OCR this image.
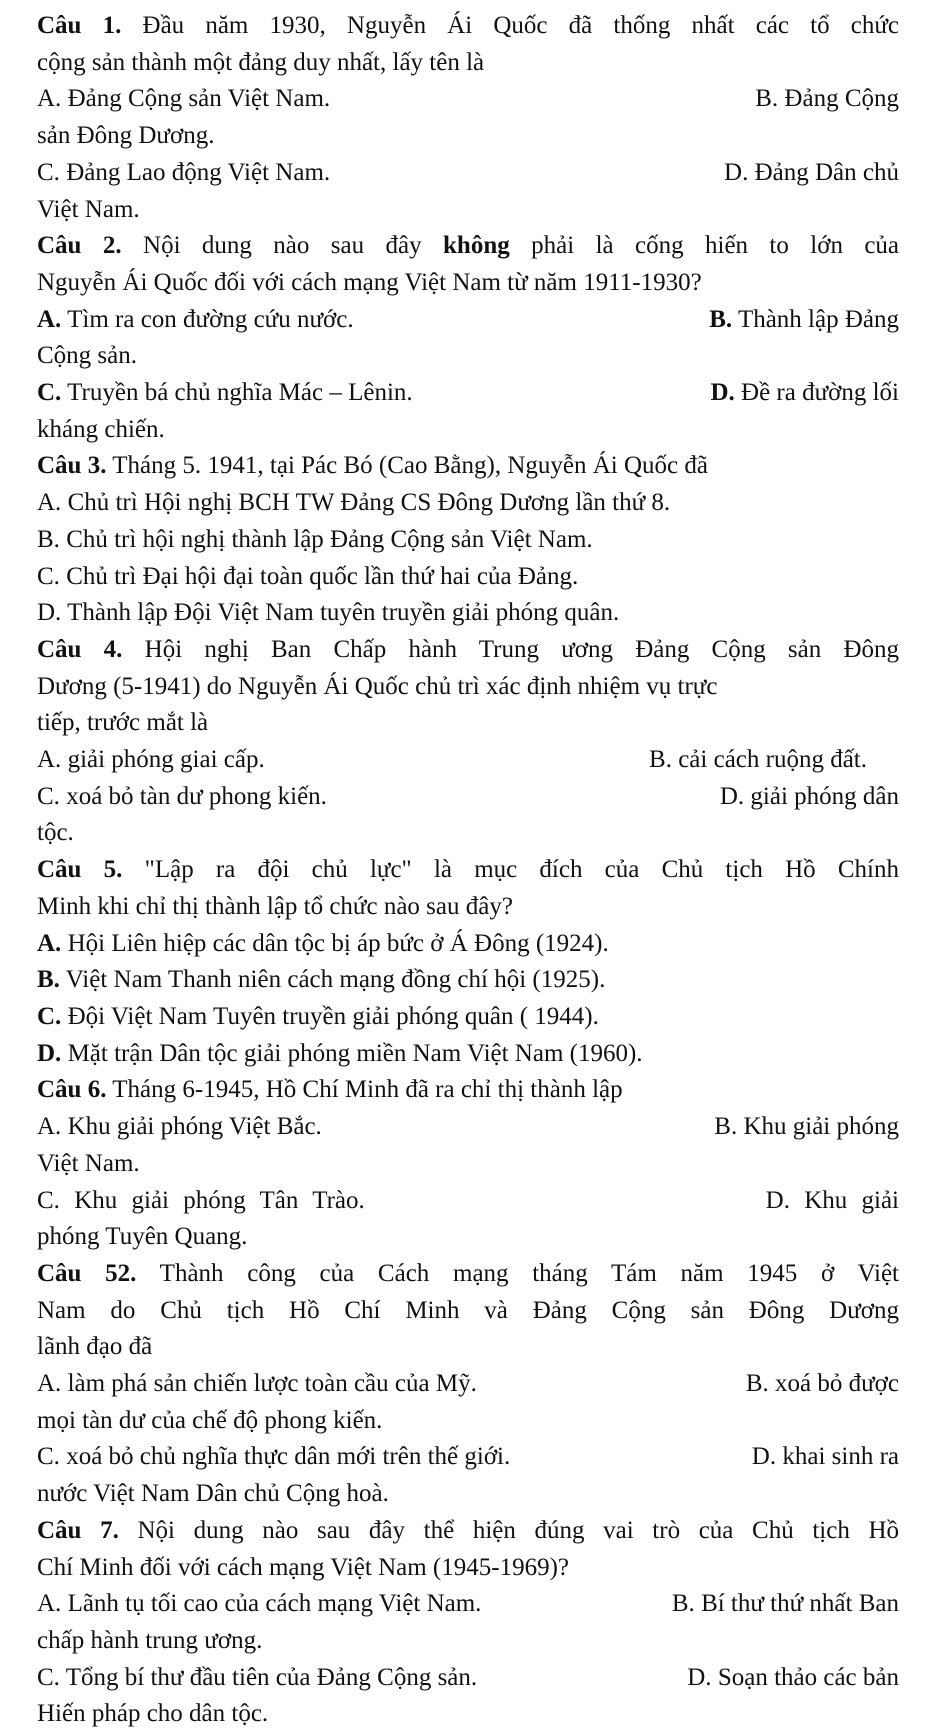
Câu 1. Đầu năm 1930, Nguyễn Ái Quốc đã thống nhất các tổ chức
cộng sản thành một đảng duy nhất, lấy tên là
A. Đảng Cộng sản Việt Nam.	B. Đảng Cộng
sản Đông Dương.
C. Đảng Lao động Việt Nam.	D. Đảng Dân chủ
Việt Nam.
Câu 2. Nội dung nào sau đây không phải là cống hiến to lớn của
Nguyễn Ái Quốc đối với cách mạng Việt Nam từ năm 1911-1930?
A. Tìm ra con đường cứu nước.	B. Thành lập Đảng
Cộng sản.
C. Truyền bá chủ nghĩa Mác – Lênin.	D. Đề ra đường lối
kháng chiến.
Câu 3. Tháng 5. 1941, tại Pác Bó (Cao Bằng), Nguyễn Ái Quốc đã
A. Chủ trì Hội nghị BCH TW Đảng CS Đông Dương lần thứ 8.
B. Chủ trì hội nghị thành lập Đảng Cộng sản Việt Nam.
C. Chủ trì Đại hội đại toàn quốc lần thứ hai của Đảng.
D. Thành lập Đội Việt Nam tuyên truyền giải phóng quân.
Câu 4. Hội nghị Ban Chấp hành Trung ương Đảng Cộng sản Đông
Dương (5-1941) do Nguyễn Ái Quốc chủ trì xác định nhiệm vụ trực
tiếp, trước mắt là
A. giải phóng giai cấp.	B. cải cách ruộng đất.
C. xoá bỏ tàn dư phong kiến.	D. giải phóng dân
tộc.
Câu 5. "Lập ra đội chủ lực" là mục đích của Chủ tịch Hồ Chính
Minh khi chỉ thị thành lập tổ chức nào sau đây?
A. Hội Liên hiệp các dân tộc bị áp bức ở Á Đông (1924).
B. Việt Nam Thanh niên cách mạng đồng chí hội (1925).
C. Đội Việt Nam Tuyên truyền giải phóng quân ( 1944).
D. Mặt trận Dân tộc giải phóng miền Nam Việt Nam (1960).
Câu 6. Tháng 6-1945, Hồ Chí Minh đã ra chỉ thị thành lập
A. Khu giải phóng Việt Bắc.	B. Khu giải phóng
Việt Nam.
C. Khu giải phóng Tân Trào.	D. Khu giải
phóng Tuyên Quang.
Câu 52. Thành công của Cách mạng tháng Tám năm 1945 ở Việt
Nam do Chủ tịch Hồ Chí Minh và Đảng Cộng sản Đông Dương
lãnh đạo đã
A. làm phá sản chiến lược toàn cầu của Mỹ.	B. xoá bỏ được
mọi tàn dư của chế độ phong kiến.
C. xoá bỏ chủ nghĩa thực dân mới trên thế giới.	D. khai sinh ra
nước Việt Nam Dân chủ Cộng hoà.
Câu 7. Nội dung nào sau đây thể hiện đúng vai trò của Chủ tịch Hồ
Chí Minh đối với cách mạng Việt Nam (1945-1969)?
A. Lãnh tụ tối cao của cách mạng Việt Nam.	B. Bí thư thứ nhất Ban
chấp hành trung ương.
C. Tổng bí thư đầu tiên của Đảng Cộng sản.	D. Soạn thảo các bản
Hiến pháp cho dân tộc.
